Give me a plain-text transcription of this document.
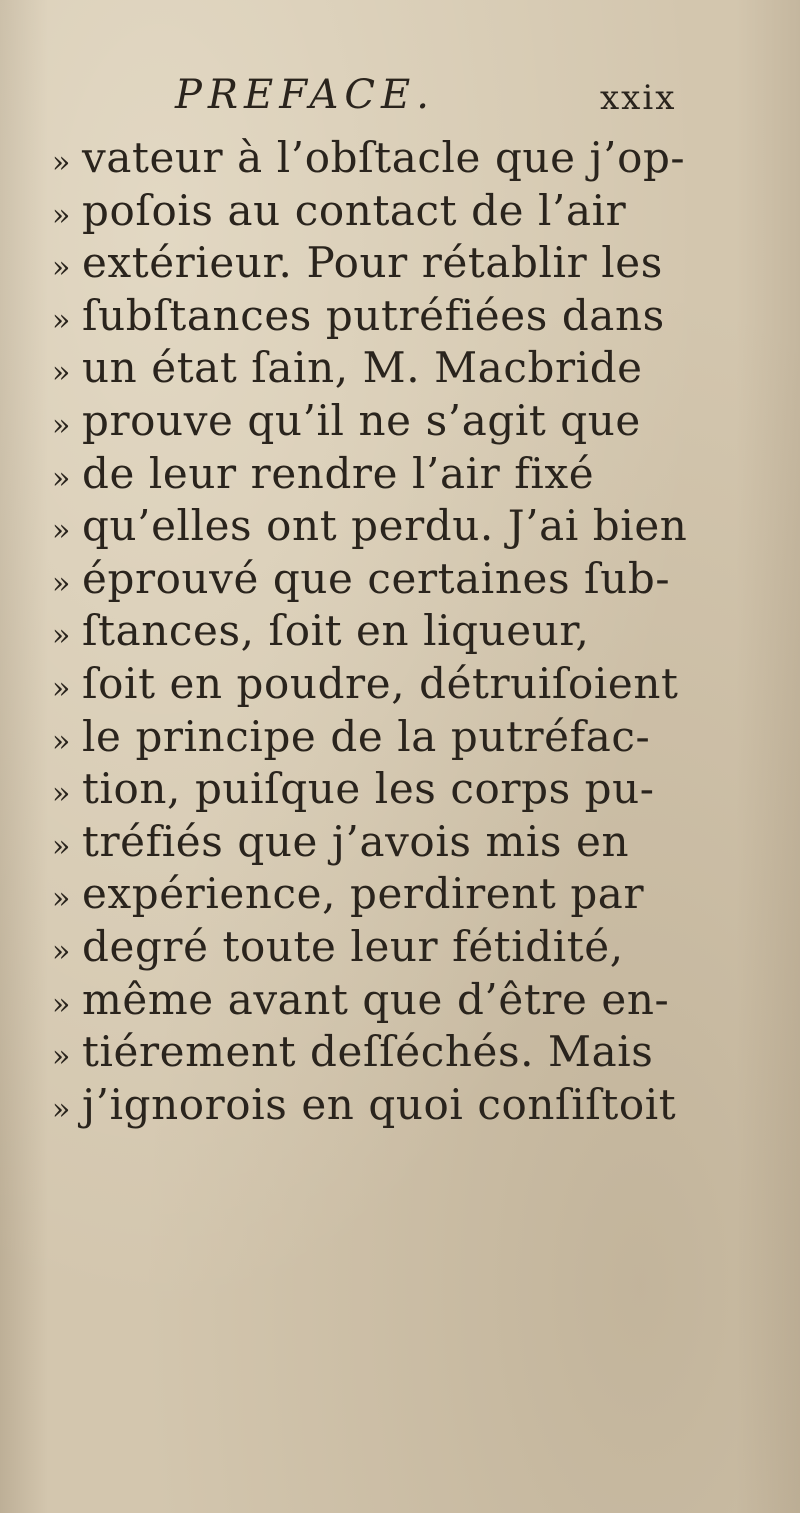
PREFACE.	xxix
» vateur à l’obſtacle que j’op-
» poſois au contact de l’air
» extérieur. Pour rétablir les
» ſubſtances putréfiées dans
» un état ſain, M. Macbride
» prouve qu’il ne s’agit que
» de leur rendre l’air fixé
» qu’elles ont perdu. J’ai bien
» éprouvé que certaines ſub-
» ſtances, ſoit en liqueur,
» ſoit en poudre, détruiſoient
» le principe de la putréfac-
» tion, puiſque les corps pu-
» tréfiés que j’avois mis en
» expérience, perdirent par
» degré toute leur fétidité,
» même avant que d’être en-
» tiérement deſſéchés. Mais
» j’ignorois en quoi conſiſtoit
